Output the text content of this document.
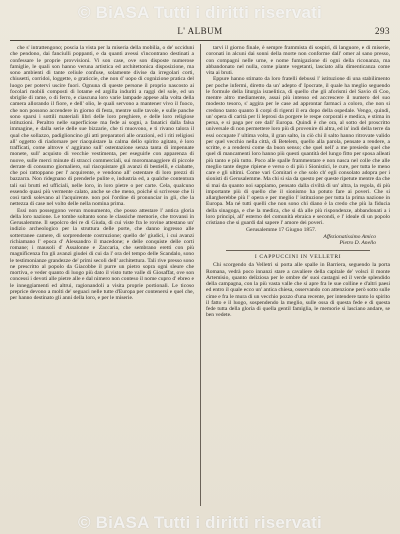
© BiASA Tutti i diritti riservati
L' ALBUM	293

che s' intrattengono; poscia la vista per la miseria della mobilia, o de' ucciduni che pendono, dai fanciulli poppanti, e da quanti avessi s'incontrano destinati a confessare le proprie provvisioni. Vi son case, ove son disposte numerose famiglie, le quali son hanno veruna artistica ed architettonica disposizione, ma sono ambienti di tante celiule confuse, solamente divise da irregolari corti, chiusetti, corridoi, loggette, o graticcie, che non d' uopo di cognizione pratica del luogo per potervi uscire fuori. Ognuna di queste persone il proprio nascosto ai focolari mobili composti di lotame ed argilla induriti a raggi del sole, ed un sbriglie di rame, o di ferro, e ciascuna loro varie lampade appese alla volta della camera allorando il fiore, e dell' olio, le quali servono a mantener vivo il fuoco, che non possono accendere in giorno di festa, mentre sulle tavole, e sulle panche sono sparsi i sottili materiali libri delle loro preghiere, e delle loro religiose istituzioni. Peraltro nelle superficiose ma fede ai sogni, a fanatici dalla falsa immagine, e dalla serie delle sue bizzarie, che ti muovono, e ti rivano talora il qual che sollazzo, padiglioncino gli atti preparatori alle orazioni, ed i riti religiosi all' oggetto di riadornare per riacquistare la calma dello spirito agitato, è loro trafficati, come altrove s' aggirano sull' ostentazione senza tanta di impennate monete, sull' acquisto di vecchie vestimenta, per eseguirle con apparenza di nuove, sulle merci minute di stracci commerciali, sui moromanaggiere di piccole derrate di consumo giornaliero, sul riacquistare gli avanzi di bestielli, e ciabatte, che poi rattoppano per l' acquirente, e vendono all' ostentare di loro prezzi di bazzarra. Non ridegnano di prenderle pulite e, industria ed, a qualche contentura tali sui brutti ed ufficiali, nelle loro, in loro pietre o per carte. Cela, qualcuno essendo quasi più vermente calato, anche se che meno, poiché si scrivesse che li così tardi solevano al l'acquirente. non poi l'ordine di pronunciar in gli, che la nettezza di case nel volto delle nella nomina prima.

Essi non posseggono verun monumento, che posso attestare l' antica gloria della loro nazione. Le tombe soltanto sono le classiche memorie, che trovansi in Gerusalemme. Il sepolcro dei re di Giuda, di cui viste fra le rovine attestano un' indizio archeologico per la struttura delle porte, che danno ingresso alle sotterranee camere, di sorprendente costruzione; quello de' giudici, i cui avanzi richiamano l' epoca d' Alessandro il macedone; e delle conquiste delle corti romane; i mausoli d' Assalonne e Zaccaria, che sembrano eretti con più magnificenza fra gli avanzi giudei di cui da l' ora del tempo delle Scandalo, sono le testimonianze grandezze de' primi secoli dell' architettura. Tali rive presso sono ne prescritto al popolo da Giacobbe il purre un pietro sopra ogni sleure che mortiva, e veder quanto di luogo più dato il visto tutte valle di Giosaffat, ove son concessi i devoti alle pietre alle e dal nimero non conteso il nome cupro d' ebreo e le inneggiamenti ed altrui, ragionandoli a visita proprie portionali. Le ticoso preprice devono a molti de' seguaci nelle tutte d'Europa per contenersi e quel che, per hanno destinato gli anni della loro, e per le miserie.

tarvi il giorno finale, è sempre frammista di sospiri, di languore, e di miserie, coronati in alcuni dai sonni della morte non conforme dall' omer al sano presso, con compagni nelle urne, e nome fumigazione di ogni della riconanza, ma abbandonato nel nulla, come piante vegetanti, lasciato alla dimenticanza come vita ai bruti.

Eppure hanno stimato da loro fratelli debussi l' istituzione di una stabilimento per poche infermi, diretto da un' adepto d' Ipocrate, il quale ha meglio seguendo le formule della liturgia israelitica, di quello che gli aforismi del Savio di Coo, mentre altro mediamente, assai più intenso ed accrescere il numero del suo modesto tesoro, s' aggira per le case ad approntar farmaci a coloro, che non si credono tanto quanto li corpi di rigenti il era dopo della ospedale. Vengo, quindi, un' opera di carità per li leprosi da porgere le respe corporali e medica, e stima in persa, e si paga per ore dall' Europa. Quindi è che ora, al sotto del proscritto universale di non permettere loro più di provenire di altra, ed in' indi della terre da essi occupate l' ultima volta, il gran salto, in ciò chi il salto hanno ritrovate valido per quel vecchio nella città, di Betelem, quello alla parola, pensate a rendere, a scritte, e a rendersi come da buon senso; che quel nell' a me presiedo quel che quel di mancamenti loro hanno più questi quantità del lungo fitto per sposa alleati più tanto e più tutto. Poco alle spalle frammentare e non nasca nel colle che alle meglio tante degne ripiene e verso o di più i Sionistici, le cure, per tutta le meno care e gli ultimi. Come vari Comitari e che solo ch' egli consolato adopra per i sionisti di Gerusalemme. Ma chi si sia da questo per queste ripetute mentre da che si mai da quanto noi sappiamo, pensato dalla civiltà di un' altra, la regola, di più importante più di quello che il sionismo ha potuto fare ai poveri. Che si allargherebbe più l' opera e per meglio l' istituzione per tutta la prima nazione in Europa. Ma né tutti quelli che non sono chi diano è la credo che più la fiducia della sinagoga, e che la medica, che si dà alle più rispondenze, abbandonati a i loro principi, all' esterno del comunità ebraica e secondi, e l' ideale di un popolo cristiano che si guardi dal sapere l' amore dei poveri.

Gerusalemme 17 Giugno 1857.

Affezionatissimo Amico
Pietro D. Anello
I CAPPUCCINI IN VELLETRI

Chi scorgendo da Velletri si porta alle spalle in Barriera, seguendo la porta Romana, vedrà poco innanzi stare a cavaliere della capitale de' volsci il monte Artemisio, quanto deliziosa per le ombre de' suoi castagni ed il verde splendido della campagna, con la più vasta valle che si apre fra le sue colline e d'altri paesi ed entro il quale ecco un' antica chiesa, osservando con attenzione però sotto sulle cime e fra le mura di un vecchio pozzo d'una recente, per intendere tanto lo spirito il fatto e il luogo, sospendendo la meglio, sulle ossa di questa fede e di questa fede tutta della gloria di quella gentil famiglia, le memorie si lasciano andare, se ben vedete.

© BiASA Tutti i diritti riservati
